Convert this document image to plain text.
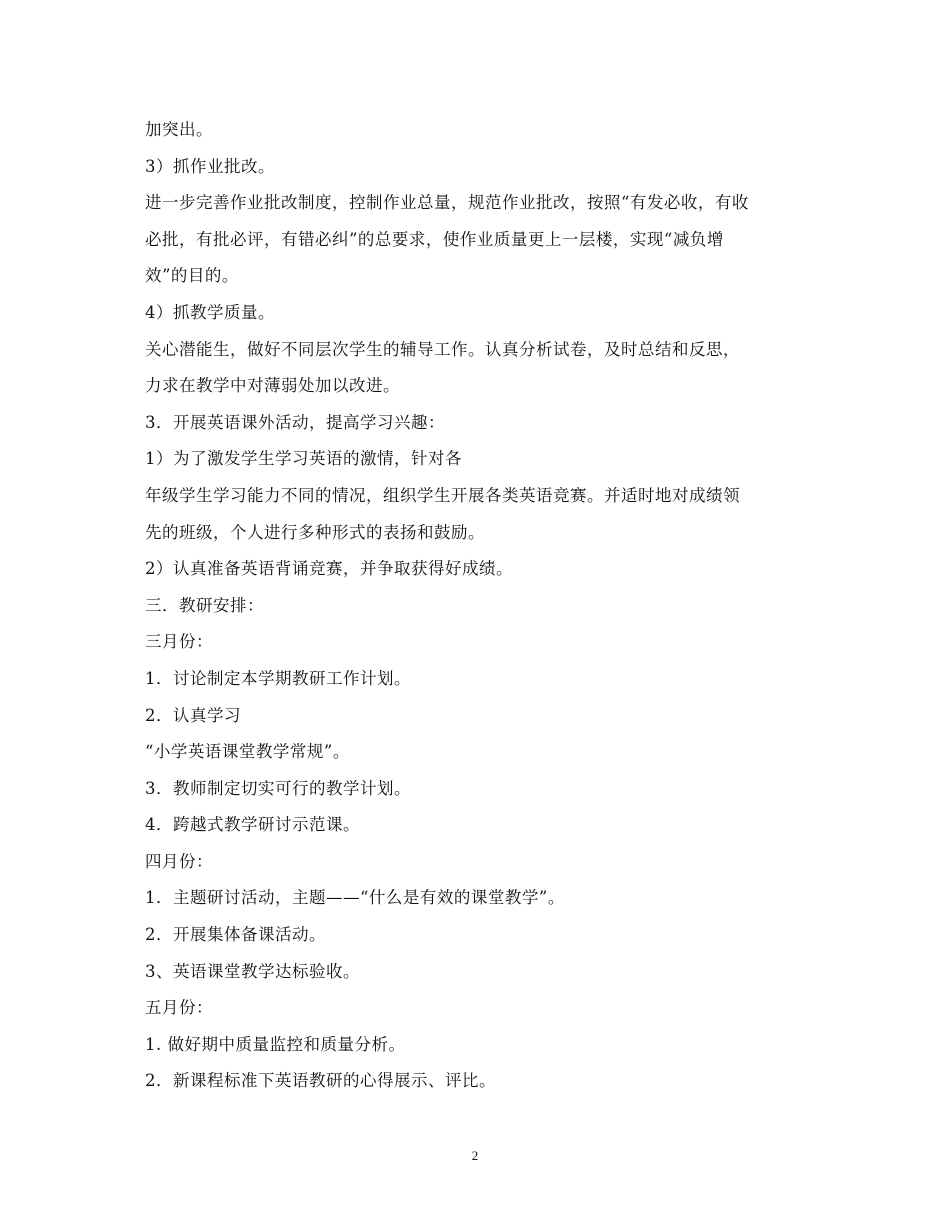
加突出。
3）抓作业批改。
进一步完善作业批改制度，控制作业总量，规范作业批改，按照“有发必收，有收
必批，有批必评，有错必纠”的总要求，使作业质量更上一层楼，实现“减负增
效”的目的。
4）抓教学质量。
关心潜能生，做好不同层次学生的辅导工作。认真分析试卷，及时总结和反思，
力求在教学中对薄弱处加以改进。
3．开展英语课外活动，提高学习兴趣：
1）为了激发学生学习英语的激情，针对各
年级学生学习能力不同的情况，组织学生开展各类英语竞赛。并适时地对成绩领
先的班级，个人进行多种形式的表扬和鼓励。
2）认真准备英语背诵竞赛，并争取获得好成绩。
三．教研安排：
三月份：
1．讨论制定本学期教研工作计划。
2．认真学习
“小学英语课堂教学常规”。
3．教师制定切实可行的教学计划。
4．跨越式教学研讨示范课。
四月份：
1．主题研讨活动，主题——“什么是有效的课堂教学”。
2．开展集体备课活动。
3、英语课堂教学达标验收。
五月份：
1. 做好期中质量监控和质量分析。
2．新课程标准下英语教研的心得展示、评比。
2
